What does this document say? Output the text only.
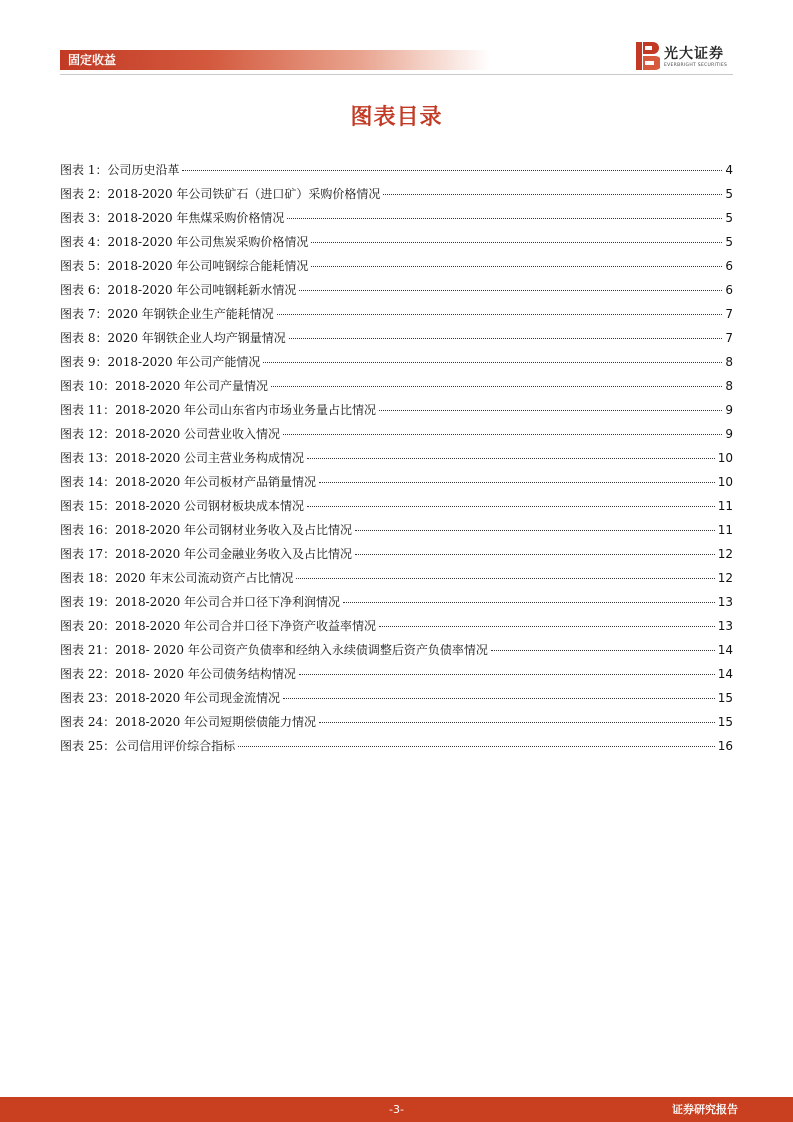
固定收益	光大证券
EVERBRIGHT SECURITIES
图表目录
图表 1：公司历史沿革	4
图表 2：2018-2020 年公司铁矿石（进口矿）采购价格情况	5
图表 3：2018-2020 年焦煤采购价格情况	5
图表 4：2018-2020 年公司焦炭采购价格情况	5
图表 5：2018-2020 年公司吨钢综合能耗情况	6
图表 6：2018-2020 年公司吨钢耗新水情况	6
图表 7：2020 年钢铁企业生产能耗情况	7
图表 8：2020 年钢铁企业人均产钢量情况	7
图表 9：2018-2020 年公司产能情况	8
图表 10：2018-2020 年公司产量情况	8
图表 11：2018-2020 年公司山东省内市场业务量占比情况	9
图表 12：2018-2020 公司营业收入情况	9
图表 13：2018-2020 公司主营业务构成情况	10
图表 14：2018-2020 年公司板材产品销量情况	10
图表 15：2018-2020 公司钢材板块成本情况	11
图表 16：2018-2020 年公司钢材业务收入及占比情况	11
图表 17：2018-2020 年公司金融业务收入及占比情况	12
图表 18：2020 年末公司流动资产占比情况	12
图表 19：2018-2020 年公司合并口径下净利润情况	13
图表 20：2018-2020 年公司合并口径下净资产收益率情况	13
图表 21：2018- 2020 年公司资产负债率和经纳入永续债调整后资产负债率情况	14
图表 22：2018- 2020 年公司债务结构情况	14
图表 23：2018-2020 年公司现金流情况	15
图表 24：2018-2020 年公司短期偿债能力情况	15
图表 25：公司信用评价综合指标	16
-3-	证券研究报告
